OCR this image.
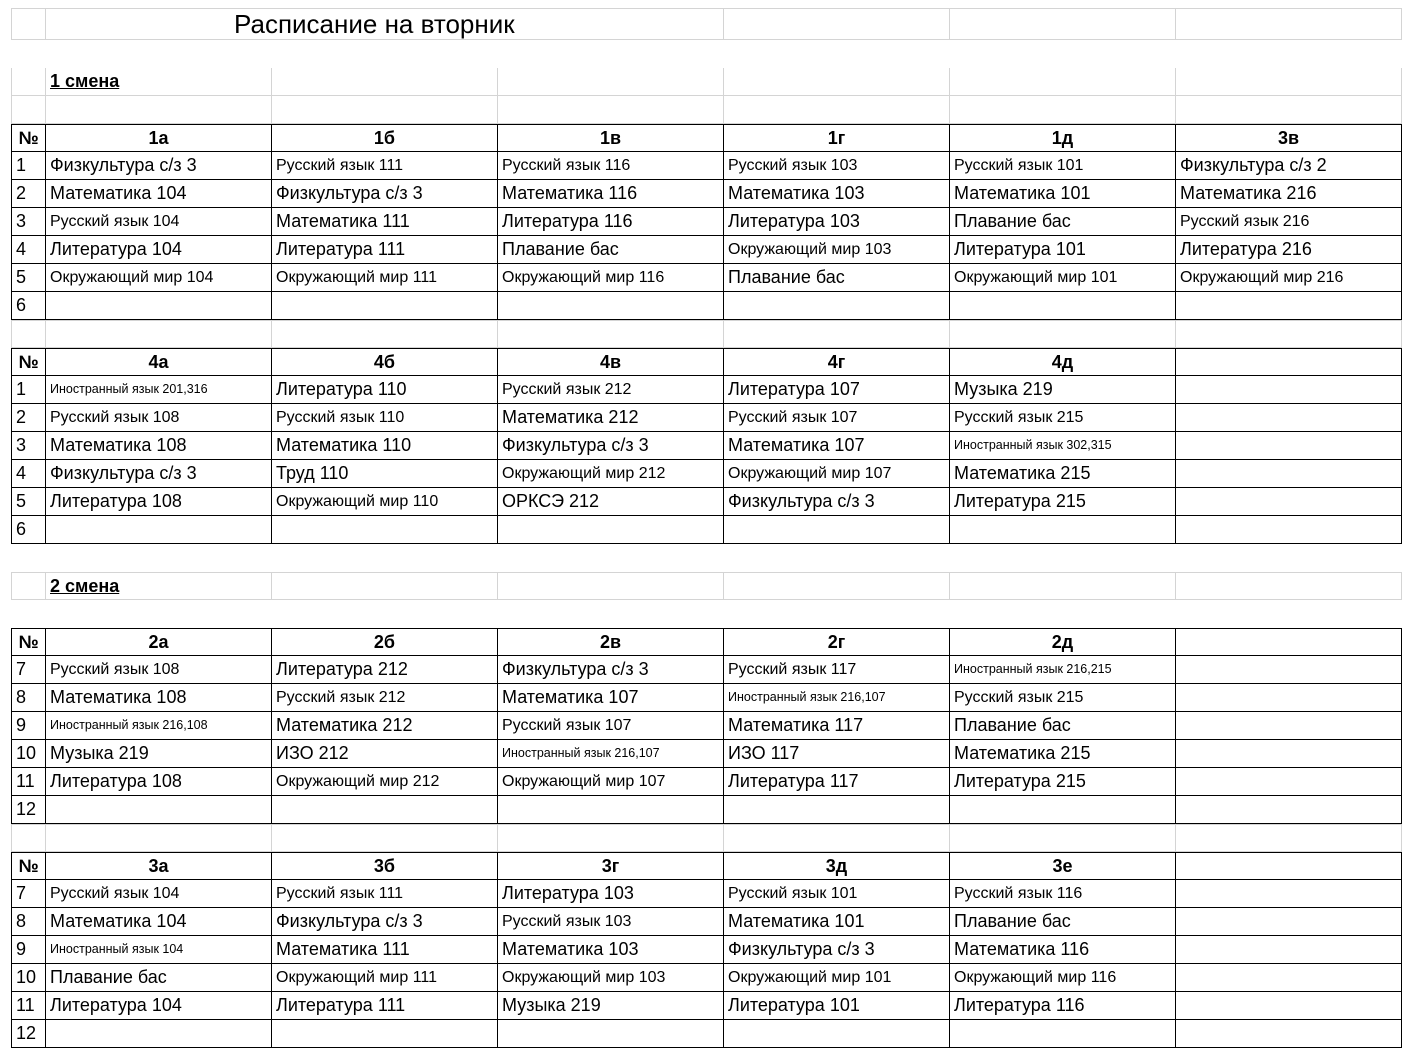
Расписание на вторник
1 смена
№	1а	1б	1в	1г	1д	3в
1	Физкультура с/з 3	Русский язык 111	Русский язык 116	Русский язык 103	Русский язык 101	Физкультура с/з 2
2	Математика 104	Физкультура с/з 3	Математика 116	Математика 103	Математика 101	Математика 216
3	Русский язык 104	Математика 111	Литература 116	Литература 103	Плавание бас	Русский язык 216
4	Литература 104	Литература 111	Плавание бас	Окружающий мир 103	Литература 101	Литература 216
5	Окружающий мир 104	Окружающий мир 111	Окружающий мир 116	Плавание бас	Окружающий мир 101	Окружающий мир 216
6
№	4а	4б	4в	4г	4д
1	Иностранный язык 201,316	Литература 110	Русский язык 212	Литература 107	Музыка 219
2	Русский язык 108	Русский язык 110	Математика 212	Русский язык 107	Русский язык 215
3	Математика 108	Математика 110	Физкультура с/з 3	Математика 107	Иностранный язык 302,315
4	Физкультура с/з 3	Труд 110	Окружающий мир 212	Окружающий мир 107	Математика 215
5	Литература 108	Окружающий мир 110	ОРКСЭ 212	Физкультура с/з 3	Литература 215
6
2 смена
№	2а	2б	2в	2г	2д
7	Русский язык 108	Литература 212	Физкультура с/з 3	Русский язык 117	Иностранный язык 216,215
8	Математика 108	Русский язык 212	Математика 107	Иностранный язык 216,107	Русский язык 215
9	Иностранный язык 216,108	Математика 212	Русский язык 107	Математика 117	Плавание бас
10 Музыка 219	ИЗО 212	Иностранный язык 216,107	ИЗО 117	Математика 215
11 Литература 108	Окружающий мир 212	Окружающий мир 107	Литература 117	Литература 215
12
№	3а	3б	3г	3д	3е
7	Русский язык 104	Русский язык 111	Литература 103	Русский язык 101	Русский язык 116
8	Математика 104	Физкультура с/з 3	Русский язык 103	Математика 101	Плавание бас
9	Иностранный язык 104	Математика 111	Математика 103	Физкультура с/з 3	Математика 116
10 Плавание бас	Окружающий мир 111	Окружающий мир 103	Окружающий мир 101	Окружающий мир 116
11 Литература 104	Литература 111	Музыка 219	Литература 101	Литература 116
12
